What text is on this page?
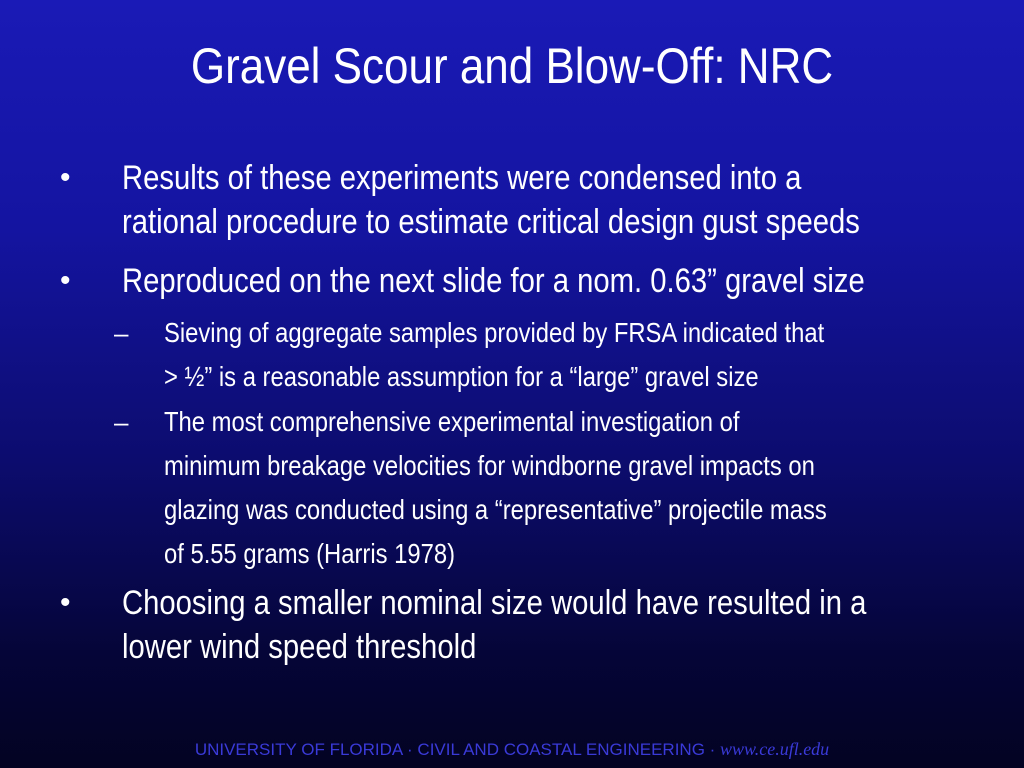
Gravel Scour and Blow-Off: NRC
• Results of these experiments were condensed into a
rational procedure to estimate critical design gust speeds
• Reproduced on the next slide for a nom. 0.63” gravel size
– Sieving of aggregate samples provided by FRSA indicated that
> ½” is a reasonable assumption for a “large” gravel size
– The most comprehensive experimental investigation of
minimum breakage velocities for windborne gravel impacts on
glazing was conducted using a “representative” projectile mass
of 5.55 grams (Harris 1978)
• Choosing a smaller nominal size would have resulted in a
lower wind speed threshold
UNIVERSITY OF FLORIDA · CIVIL AND COASTAL ENGINEERING · www.ce.ufl.edu
